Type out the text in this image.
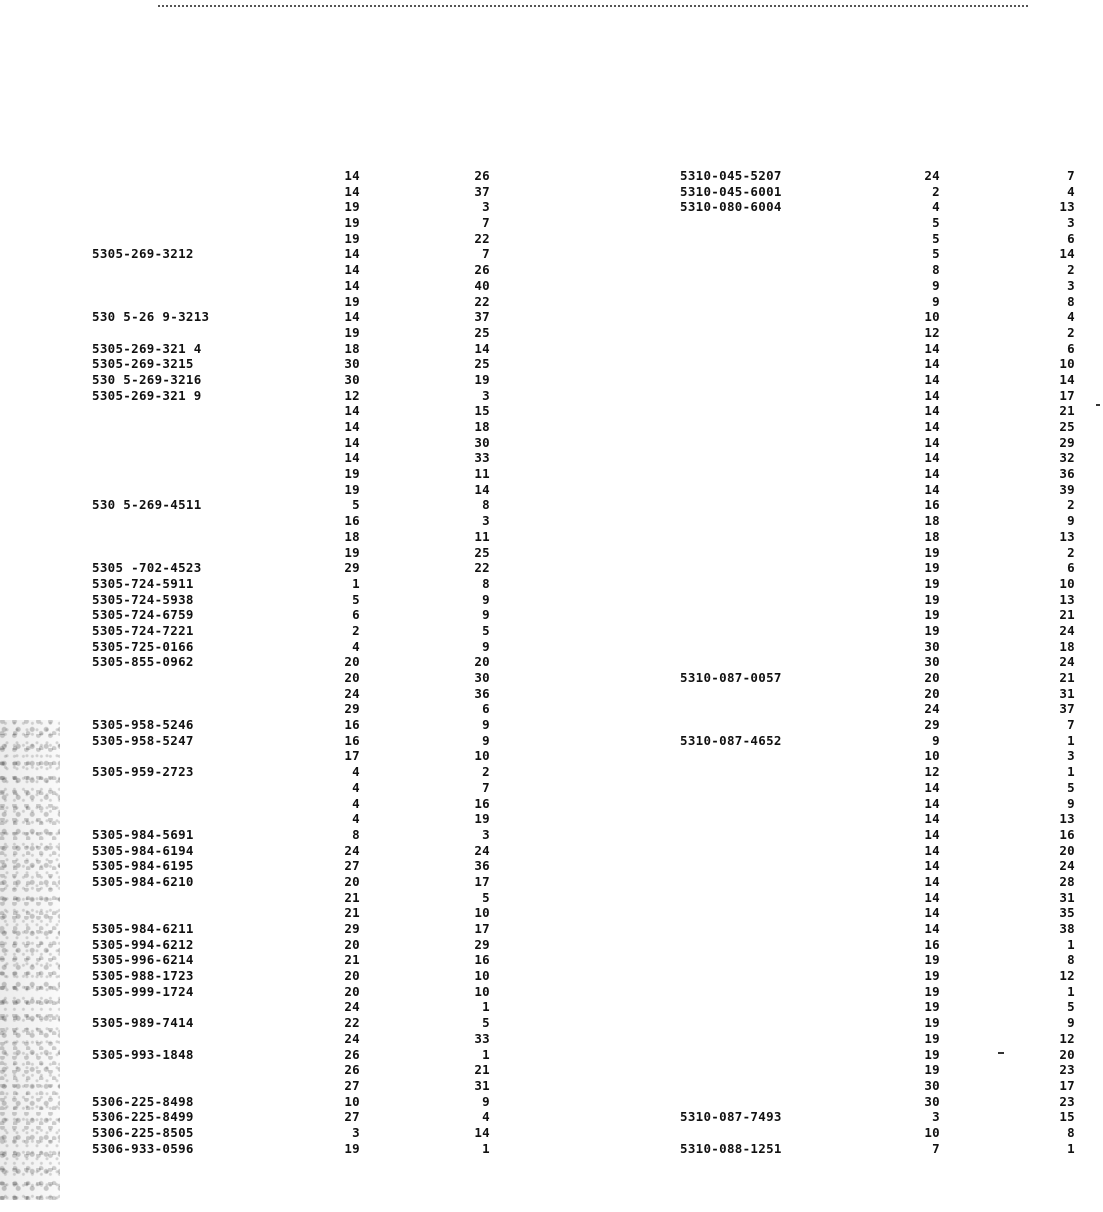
5305-269-3212
530 5-26 9-3213
5305-269-321 4
5305-269-3215
530 5-269-3216
5305-269-321 9
530 5-269-4511
5305 -702-4523
5305-724-5911
5305-724-5938
5305-724-6759
5305-724-7221
5305-725-0166
5305-855-0962
5305-958-5246
5305-958-5247
5305-959-2723
5305-984-5691
5305-984-6194
5305-984-6195
5305-984-6210
5305-984-6211
5305-994-6212
5305-996-6214
5305-988-1723
5305-999-1724
5305-989-7414
5305-993-1848
5306-225-8498
5306-225-8499
5306-225-8505
5306-933-0596
14
14
19
19
19
14
14
14
19
14
19
18
30
30
12
14
14
14
14
19
19
5
16
18
19
29
1
5
6
2
4
20
20
24
29
16
16
17
4
4
4
4
8
24
27
20
21
21
29
20
21
20
20
24
22
24
26
26
27
10
27
3
19
26
37
3
7
22
7
26
40
22
37
25
14
25
19
3
15
18
30
33
11
14
8
3
11
25
22
8
9
9
5
9
20
30
36
6
9
9
10
2
7
16
19
3
24
36
17
5
10
17
29
16
10
10
1
5
33
1
21
31
9
4
14
1
5310-045-5207
5310-045-6001
5310-080-6004
5310-087-0057
5310-087-4652
5310-087-7493
5310-088-1251
24
2
4
5
5
5
8
9
9
10
12
14
14
14
14
14
14
14
14
14
14
16
18
18
19
19
19
19
19
19
30
30
20
20
24
29
9
10
12
14
14
14
14
14
14
14
14
14
14
16
19
19
19
19
19
19
19
19
30
30
3
10
7
7
4
13
3
6
14
2
3
8
4
2
6
10
14
17
21
25
29
32
36
39
2
9
13
2
6
10
13
21
24
18
24
21
31
37
7
1
3
1
5
9
13
16
20
24
28
31
35
38
1
8
12
1
5
9
12
20
23
17
23
15
8
1
